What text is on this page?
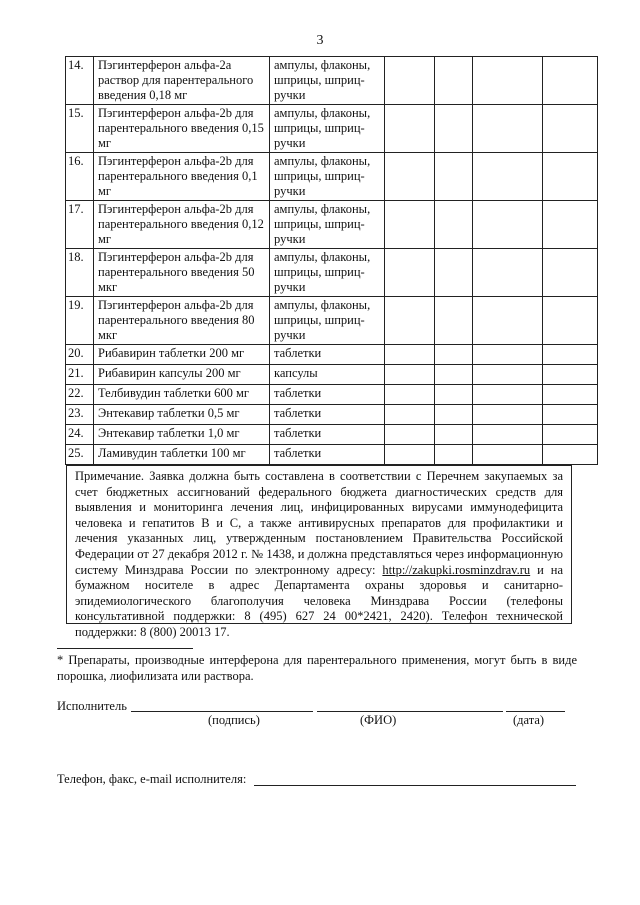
3
14.	Пэгинтерферон альфа-2а раствор для парентерального введения 0,18 мг	ампулы, флаконы, шприцы, шприц-ручки				
15.	Пэгинтерферон альфа-2b для парентерального введения 0,15 мг	ампулы, флаконы, шприцы, шприц-ручки				
16.	Пэгинтерферон альфа-2b для парентерального введения 0,1 мг	ампулы, флаконы, шприцы, шприц-ручки				
17.	Пэгинтерферон альфа-2b для парентерального введения 0,12 мг	ампулы, флаконы, шприцы, шприц-ручки				
18.	Пэгинтерферон альфа-2b для парентерального введения 50 мкг	ампулы, флаконы, шприцы, шприц-ручки				
19.	Пэгинтерферон альфа-2b для парентерального введения 80 мкг	ампулы, флаконы, шприцы, шприц-ручки				
20.	Рибавирин таблетки 200 мг	таблетки				
21.	Рибавирин капсулы 200 мг	капсулы				
22.	Телбивудин таблетки 600 мг	таблетки				
23.	Энтекавир таблетки 0,5 мг	таблетки				
24.	Энтекавир таблетки 1,0 мг	таблетки				
25.	Ламивудин таблетки 100 мг	таблетки				
Примечание. Заявка должна быть составлена в соответствии с Перечнем закупаемых за счет бюджетных ассигнований федерального бюджета диагностических средств для выявления и мониторинга лечения лиц, инфицированных вирусами иммунодефицита человека и гепатитов В и С, а также антивирусных препаратов для профилактики и лечения указанных лиц, утвержденным постановлением Правительства Российской Федерации от 27 декабря 2012 г. № 1438, и должна представляться через информационную систему Минздрава России по электронному адресу: http://zakupki.rosminzdrav.ru и на бумажном носителе в адрес Департамента охраны здоровья и санитарно-эпидемиологического благополучия человека Минздрава России (телефоны консультативной поддержки: 8 (495) 627 24 00*2421, 2420). Телефон технической поддержки: 8 (800) 20013 17.
* Препараты, производные интерферона для парентерального применения, могут быть в виде порошка, лиофилизата или раствора.
Исполнитель
(подпись)	(ФИО)	(дата)
Телефон, факс, e-mail исполнителя:
